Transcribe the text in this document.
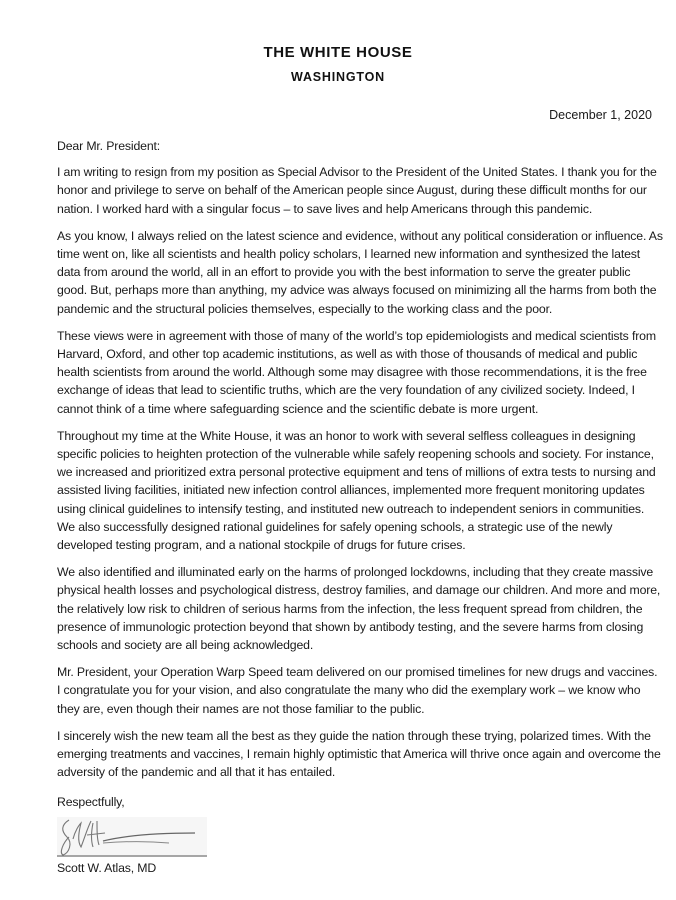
THE WHITE HOUSE
WASHINGTON
December 1, 2020

Dear Mr. President:

I am writing to resign from my position as Special Advisor to the President of the United States. I thank you for the honor and privilege to serve on behalf of the American people since August, during these difficult months for our nation. I worked hard with a singular focus – to save lives and help Americans through this pandemic.

As you know, I always relied on the latest science and evidence, without any political consideration or influence. As time went on, like all scientists and health policy scholars, I learned new information and synthesized the latest data from around the world, all in an effort to provide you with the best information to serve the greater public good. But, perhaps more than anything, my advice was always focused on minimizing all the harms from both the pandemic and the structural policies themselves, especially to the working class and the poor.

These views were in agreement with those of many of the world’s top epidemiologists and medical scientists from Harvard, Oxford, and other top academic institutions, as well as with those of thousands of medical and public health scientists from around the world. Although some may disagree with those recommendations, it is the free exchange of ideas that lead to scientific truths, which are the very foundation of any civilized society. Indeed, I cannot think of a time where safeguarding science and the scientific debate is more urgent.

Throughout my time at the White House, it was an honor to work with several selfless colleagues in designing specific policies to heighten protection of the vulnerable while safely reopening schools and society. For instance, we increased and prioritized extra personal protective equipment and tens of millions of extra tests to nursing and assisted living facilities, initiated new infection control alliances, implemented more frequent monitoring updates using clinical guidelines to intensify testing, and instituted new outreach to independent seniors in communities. We also successfully designed rational guidelines for safely opening schools, a strategic use of the newly developed testing program, and a national stockpile of drugs for future crises.

We also identified and illuminated early on the harms of prolonged lockdowns, including that they create massive physical health losses and psychological distress, destroy families, and damage our children. And more and more, the relatively low risk to children of serious harms from the infection, the less frequent spread from children, the presence of immunologic protection beyond that shown by antibody testing, and the severe harms from closing schools and society are all being acknowledged.

Mr. President, your Operation Warp Speed team delivered on our promised timelines for new drugs and vaccines. I congratulate you for your vision, and also congratulate the many who did the exemplary work – we know who they are, even though their names are not those familiar to the public.

I sincerely wish the new team all the best as they guide the nation through these trying, polarized times. With the emerging treatments and vaccines, I remain highly optimistic that America will thrive once again and overcome the adversity of the pandemic and all that it has entailed.

Respectfully,

Scott W. Atlas, MD
